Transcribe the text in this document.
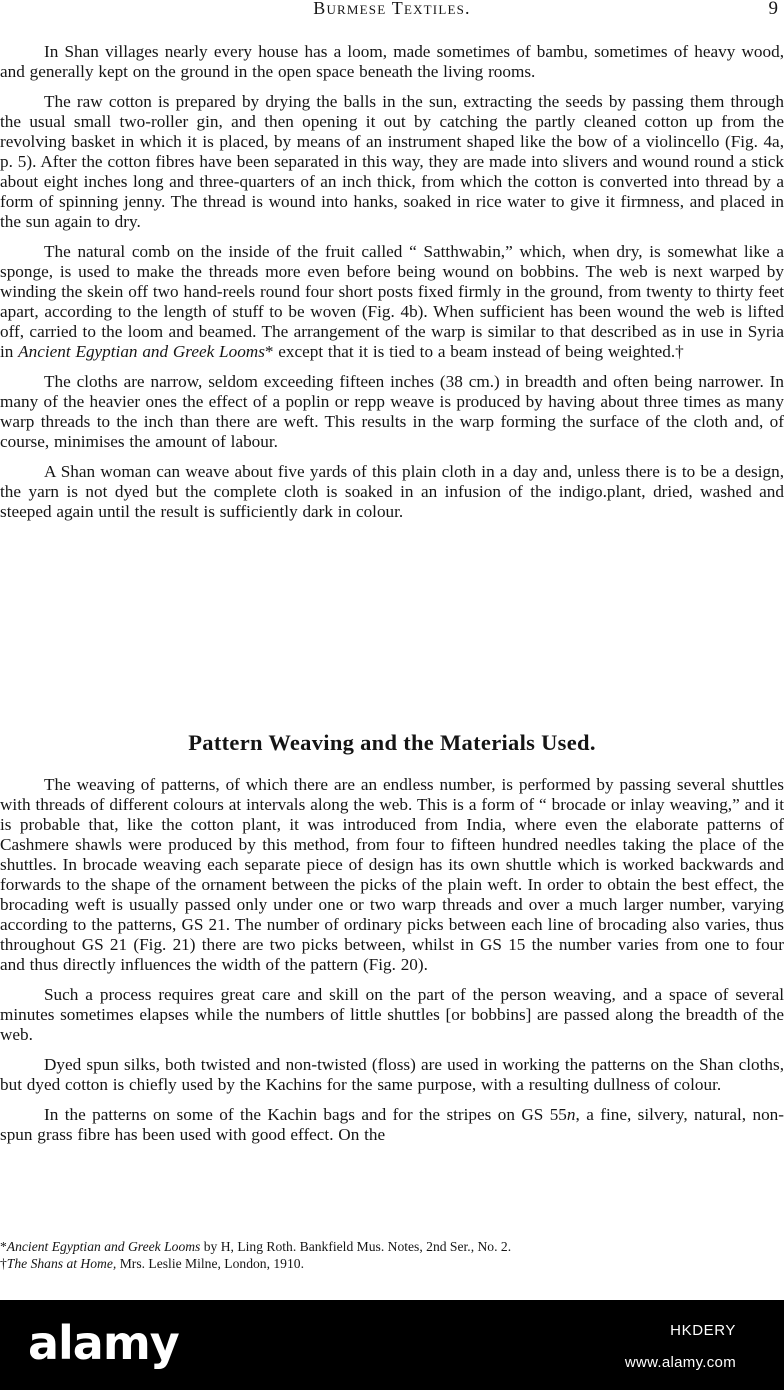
Burmese Textiles.	9

In Shan villages nearly every house has a loom, made sometimes of bambu, sometimes of heavy wood, and generally kept on the ground in the open space beneath the living rooms.

The raw cotton is prepared by drying the balls in the sun, extracting the seeds by passing them through the usual small two-roller gin, and then opening it out by catching the partly cleaned cotton up from the revolving basket in which it is placed, by means of an instrument shaped like the bow of a violincello (Fig. 4a, p. 5). After the cotton fibres have been separated in this way, they are made into slivers and wound round a stick about eight inches long and three-quarters of an inch thick, from which the cotton is converted into thread by a form of spinning jenny. The thread is wound into hanks, soaked in rice water to give it firmness, and placed in the sun again to dry.

The natural comb on the inside of the fruit called “ Satthwabin,” which, when dry, is somewhat like a sponge, is used to make the threads more even before being wound on bobbins. The web is next warped by winding the skein off two hand-reels round four short posts fixed firmly in the ground, from twenty to thirty feet apart, according to the length of stuff to be woven (Fig. 4b). When sufficient has been wound the web is lifted off, carried to the loom and beamed. The arrangement of the warp is similar to that described as in use in Syria in Ancient Egyptian and Greek Looms* except that it is tied to a beam instead of being weighted.†

The cloths are narrow, seldom exceeding fifteen inches (38 cm.) in breadth and often being narrower. In many of the heavier ones the effect of a poplin or repp weave is produced by having about three times as many warp threads to the inch than there are weft. This results in the warp forming the surface of the cloth and, of course, minimises the amount of labour.

A Shan woman can weave about five yards of this plain cloth in a day and, unless there is to be a design, the yarn is not dyed but the complete cloth is soaked in an infusion of the indigo.plant, dried, washed and steeped again until the result is sufficiently dark in colour.

Pattern Weaving and the Materials Used.

The weaving of patterns, of which there are an endless number, is performed by passing several shuttles with threads of different colours at intervals along the web. This is a form of “ brocade or inlay weaving,” and it is probable that, like the cotton plant, it was introduced from India, where even the elaborate patterns of Cashmere shawls were produced by this method, from four to fifteen hundred needles taking the place of the shuttles. In brocade weaving each separate piece of design has its own shuttle which is worked backwards and forwards to the shape of the ornament between the picks of the plain weft. In order to obtain the best effect, the brocading weft is usually passed only under one or two warp threads and over a much larger number, varying according to the patterns, GS 21. The number of ordinary picks between each line of brocading also varies, thus throughout GS 21 (Fig. 21) there are two picks between, whilst in GS 15 the number varies from one to four and thus directly influences the width of the pattern (Fig. 20).

Such a process requires great care and skill on the part of the person weaving, and a space of several minutes sometimes elapses while the numbers of little shuttles [or bobbins] are passed along the breadth of the web.

Dyed spun silks, both twisted and non-twisted (floss) are used in working the patterns on the Shan cloths, but dyed cotton is chiefly used by the Kachins for the same purpose, with a resulting dullness of colour.

In the patterns on some of the Kachin bags and for the stripes on GS 55n, a fine, silvery, natural, non-spun grass fibre has been used with good effect. On the

*Ancient Egyptian and Greek Looms by H, Ling Roth. Bankfield Mus. Notes, 2nd Ser., No. 2.
†The Shans at Home, Mrs. Leslie Milne, London, 1910.
alamy	HKDERY
www.alamy.com
